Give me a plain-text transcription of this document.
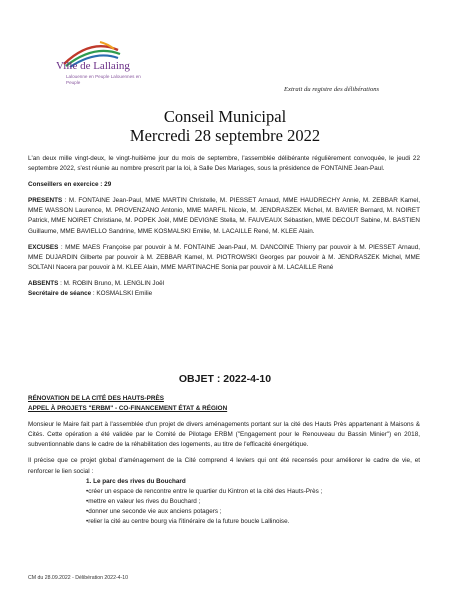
Ville de Lallaing
Lalouenne en Peuple Lalouennes en Peuple
Extrait du registre des délibérations
Conseil Municipal
Mercredi 28 septembre 2022

L'an deux mille vingt-deux, le vingt-huitième jour du mois de septembre, l'assemblée délibérante régulièrement convoquée, le jeudi 22 septembre 2022, s'est réunie au nombre prescrit par la loi, à Salle Des Mariages, sous la présidence de FONTAINE Jean-Paul.

Conseillers en exercice : 29

PRESENTS : M. FONTAINE Jean-Paul, MME MARTIN Christelle, M. PIESSET Arnaud, MME HAUDRECHY Annie, M. ZEBBAR Kamel, MME WASSON Laurence, M. PROVENZANO Antonio, MME MARFIL Nicole, M. JENDRASZEK Michel, M. BAVIER Bernard, M. NOIRET Patrick, MME NOIRET Christiane, M. POPEK Joël, MME DEVIGNE Stella, M. FAUVEAUX Sébastien, MME DECOUT Sabine, M. BASTIEN Guillaume, MME BAVIELLO Sandrine, MME KOSMALSKI Emilie, M. LACAILLE René, M. KLEE Alain.

EXCUSES : MME MAES Françoise par pouvoir à M. FONTAINE Jean-Paul, M. DANCOINE Thierry par pouvoir à M. PIESSET Arnaud, MME DUJARDIN Gilberte par pouvoir à M. ZEBBAR Kamel, M. PIOTROWSKI Georges par pouvoir à M. JENDRASZEK Michel, MME SOLTANI Nacera par pouvoir à M. KLEE Alain, MME MARTINACHE Sonia par pouvoir à M. LACAILLE René

ABSENTS : M. ROBIN Bruno, M. LENGLIN Joël

Secrétaire de séance : KOSMALSKI Emilie

OBJET : 2022-4-10
RÉNOVATION DE LA CITÉ DES HAUTS-PRÈS

APPEL À PROJETS "ERBM" - CO-FINANCEMENT ÉTAT & RÉGION

Monsieur le Maire fait part à l'assemblée d'un projet de divers aménagements portant sur la cité des Hauts Près appartenant à Maisons & Cités. Cette opération a été validée par le Comité de Pilotage ERBM ("Engagement pour le Renouveau du Bassin Minier") en 2018, subventionnable dans le cadre de la réhabilitation des logements, au titre de l'efficacité énergétique.

Il précise que ce projet global d'aménagement de la Cité comprend 4 leviers qui ont été recensés pour améliorer le cadre de vie, et renforcer le lien social :

1. Le parc des rives du Bouchard
• créer un espace de rencontre entre le quartier du Kintron et la cité des Hauts-Près ;
• mettre en valeur les rives du Bouchard ;
• donner une seconde vie aux anciens potagers ;
• relier la cité au centre bourg via l'itinéraire de la future boucle Lallinoise.
CM du 28.09.2022 - Délibération 2022-4-10
